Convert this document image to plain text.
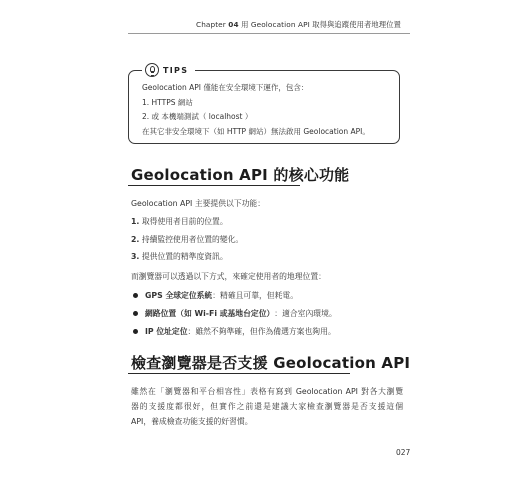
Chapter 04 用 Geolocation API 取得與追蹤使用者地理位置
TIPS
Geolocation API 僅能在安全環境下運作，包含：
1. HTTPS 網站
2. 或 本機端測試（ localhost ）
在其它非安全環境下（如 HTTP 網站）無法啟用 Geolocation API。
Geolocation API 的核心功能
Geolocation API 主要提供以下功能：
1. 取得使用者目前的位置。
2. 持續監控使用者位置的變化。
3. 提供位置的精準度資訊。
而瀏覽器可以透過以下方式，來確定使用者的地理位置：
GPS 全球定位系統 ：精確且可靠，但耗電。
網路位置（如 Wi-Fi 或基地台定位） ：適合室內環境。
IP 位址定位 ：雖然不夠準確，但作為備選方案也夠用。
檢查瀏覽器是否支援 Geolocation API
雖然在「瀏覽器和平台相容性」表格有寫到 Geolocation API 對各大瀏覽
器的支援度都很好，但實作之前還是建議大家檢查瀏覽器是否支援這個
API，養成檢查功能支援的好習慣。
027
